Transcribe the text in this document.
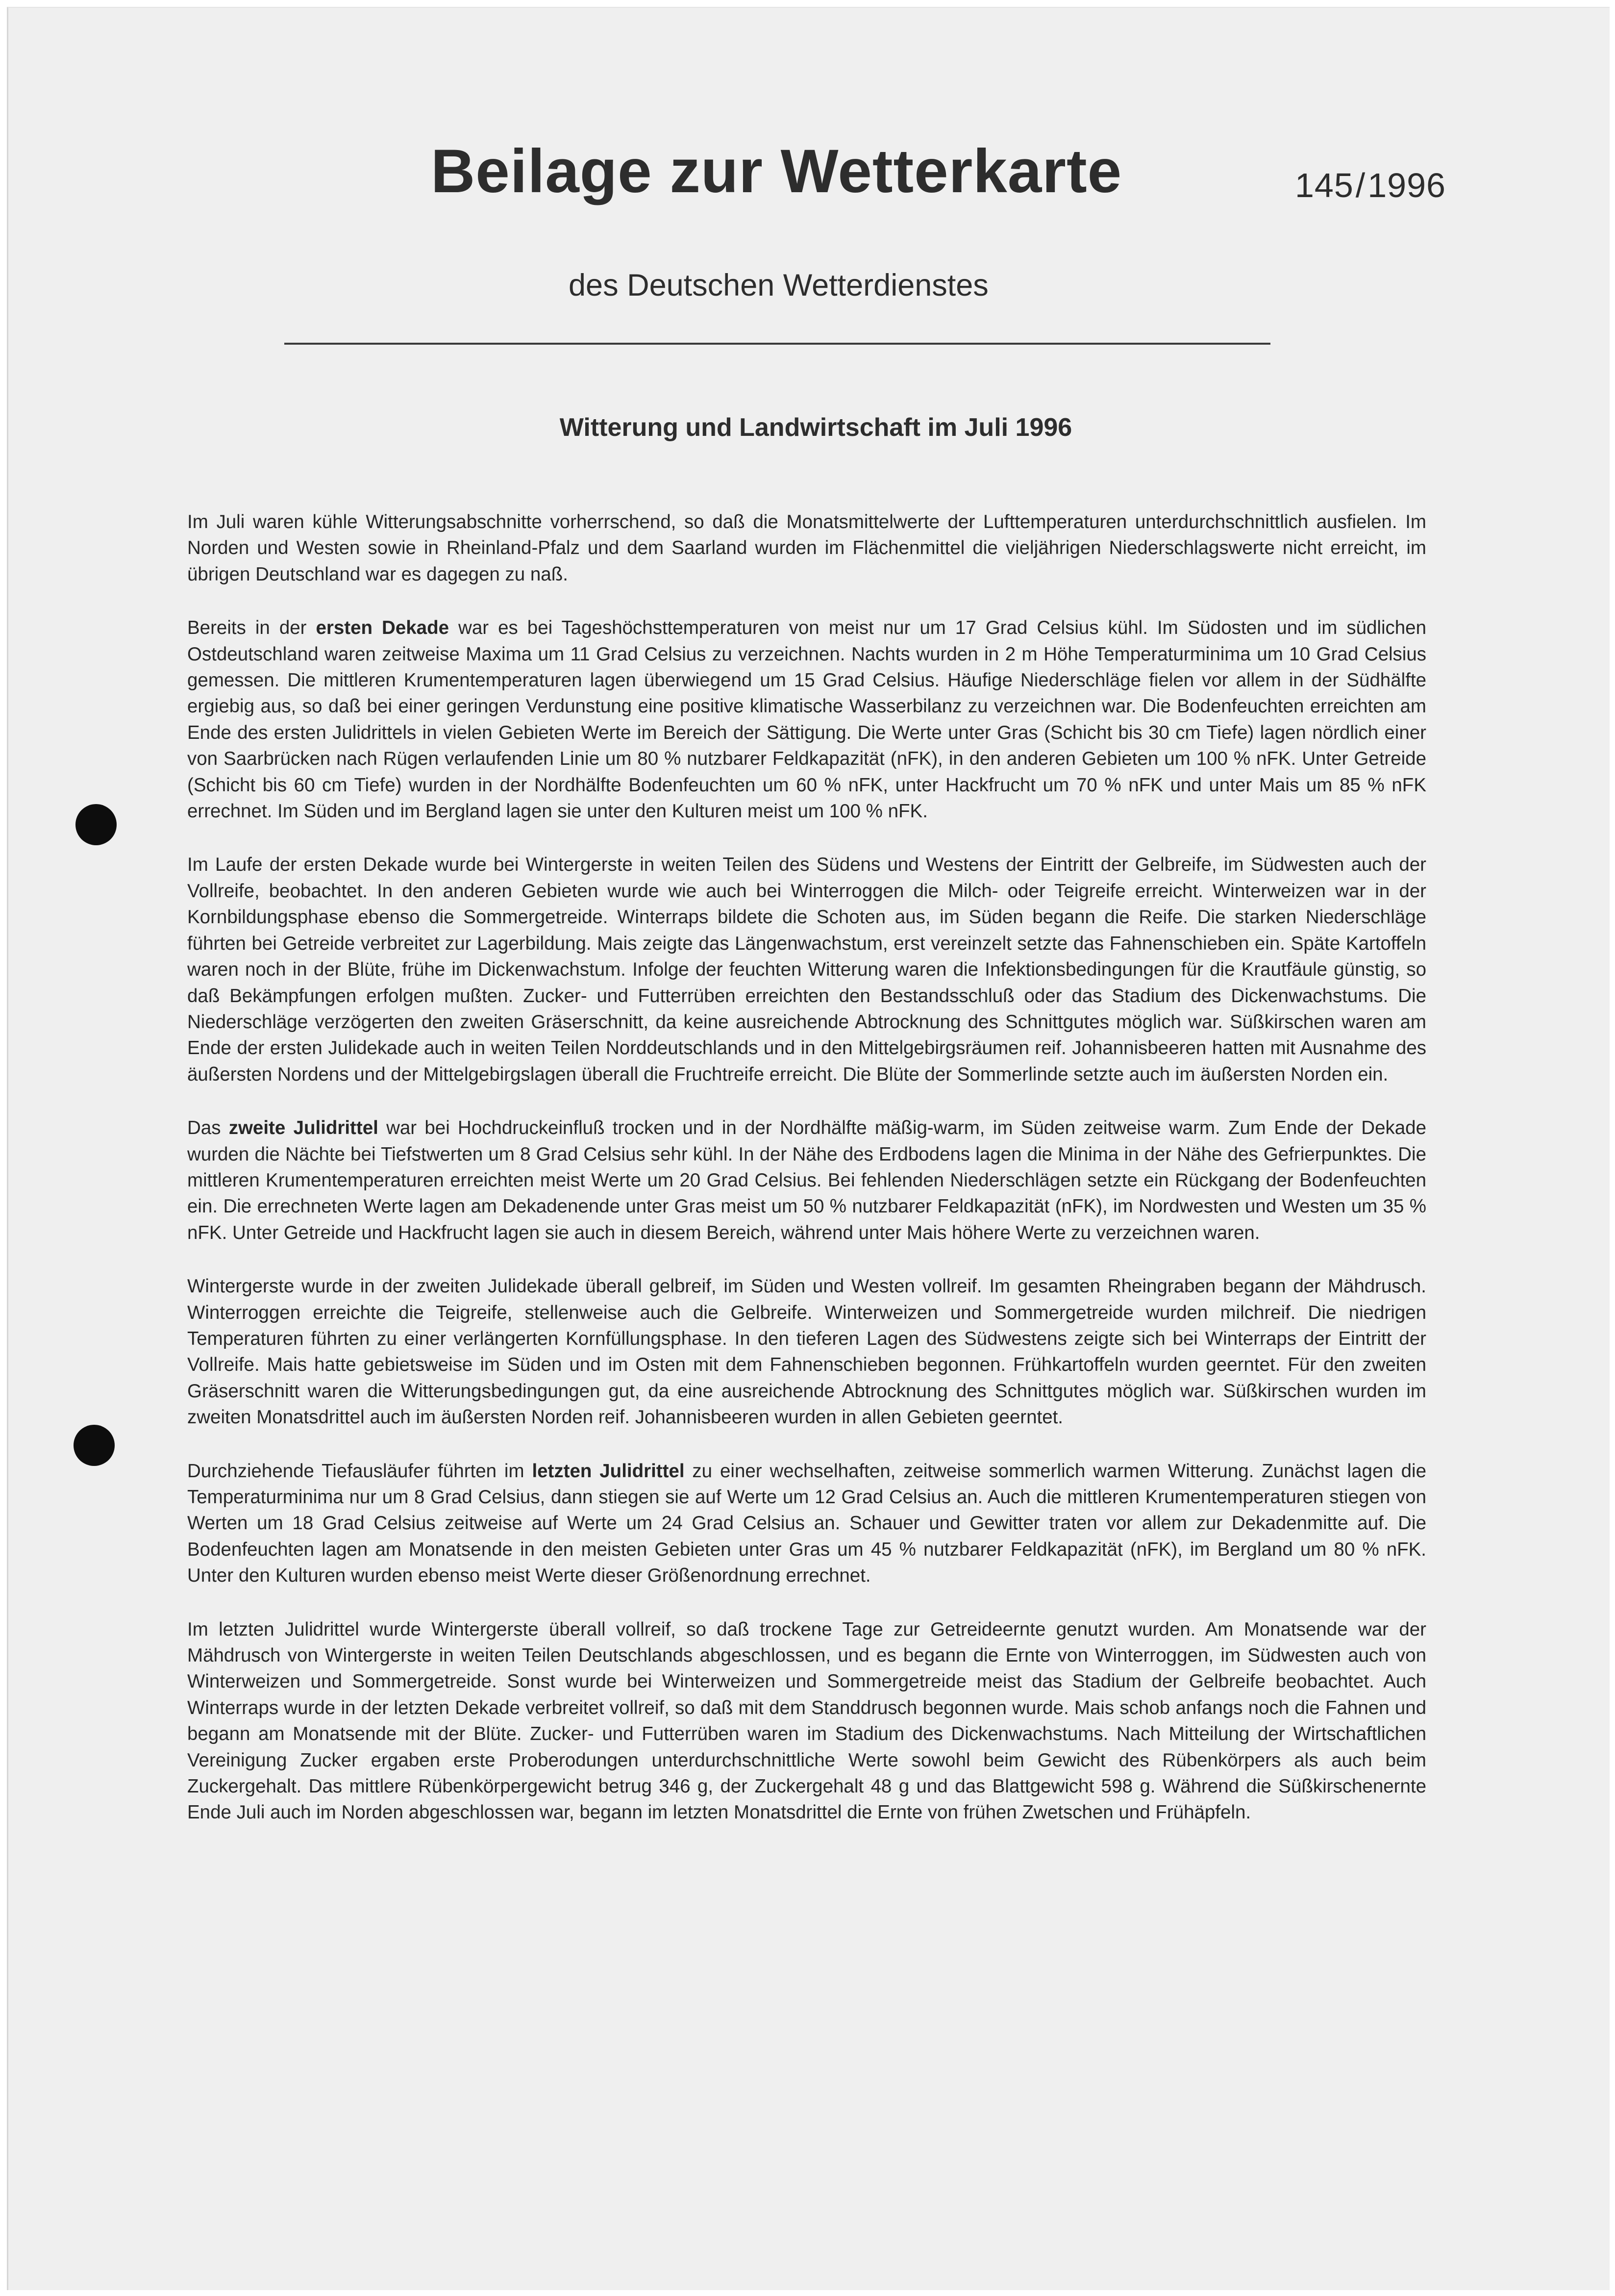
Beilage zur Wetterkarte	145/1996
des Deutschen Wetterdienstes
Witterung und Landwirtschaft im Juli 1996

Im Juli waren kühle Witterungsabschnitte vorherrschend, so daß die Monatsmittelwerte der Lufttemperaturen unterdurchschnittlich ausfielen. Im Norden und Westen sowie in Rheinland-Pfalz und dem Saarland wurden im Flächenmittel die vieljährigen Niederschlagswerte nicht erreicht, im übrigen Deutschland war es dagegen zu naß.

Bereits in der ersten Dekade war es bei Tageshöchsttemperaturen von meist nur um 17 Grad Celsius kühl. Im Südosten und im südlichen Ostdeutschland waren zeitweise Maxima um 11 Grad Celsius zu verzeichnen. Nachts wurden in 2 m Höhe Temperaturminima um 10 Grad Celsius gemessen. Die mittleren Krumentemperaturen lagen überwiegend um 15 Grad Celsius. Häufige Niederschläge fielen vor allem in der Südhälfte ergiebig aus, so daß bei einer geringen Verdunstung eine positive klimatische Wasserbilanz zu verzeichnen war. Die Bodenfeuchten erreichten am Ende des ersten Julidrittels in vielen Gebieten Werte im Bereich der Sättigung. Die Werte unter Gras (Schicht bis 30 cm Tiefe) lagen nördlich einer von Saarbrücken nach Rügen verlaufenden Linie um 80 % nutzbarer Feldkapazität (nFK), in den anderen Gebieten um 100 % nFK. Unter Getreide (Schicht bis 60 cm Tiefe) wurden in der Nordhälfte Bodenfeuchten um 60 % nFK, unter Hackfrucht um 70 % nFK und unter Mais um 85 % nFK errechnet. Im Süden und im Bergland lagen sie unter den Kulturen meist um 100 % nFK.

Im Laufe der ersten Dekade wurde bei Wintergerste in weiten Teilen des Südens und Westens der Eintritt der Gelbreife, im Südwesten auch der Vollreife, beobachtet. In den anderen Gebieten wurde wie auch bei Winterroggen die Milch- oder Teigreife erreicht. Winterweizen war in der Kornbildungsphase ebenso die Sommergetreide. Winterraps bildete die Schoten aus, im Süden begann die Reife. Die starken Niederschläge führten bei Getreide verbreitet zur Lagerbildung. Mais zeigte das Längenwachstum, erst vereinzelt setzte das Fahnenschieben ein. Späte Kartoffeln waren noch in der Blüte, frühe im Dickenwachstum. Infolge der feuchten Witterung waren die Infektionsbedingungen für die Krautfäule günstig, so daß Bekämpfungen erfolgen mußten. Zucker- und Futterrüben erreichten den Bestandsschluß oder das Stadium des Dickenwachstums. Die Niederschläge verzögerten den zweiten Gräserschnitt, da keine ausreichende Abtrocknung des Schnittgutes möglich war. Süßkirschen waren am Ende der ersten Julidekade auch in weiten Teilen Norddeutschlands und in den Mittelgebirgsräumen reif. Johannisbeeren hatten mit Ausnahme des äußersten Nordens und der Mittelgebirgslagen überall die Fruchtreife erreicht. Die Blüte der Sommerlinde setzte auch im äußersten Norden ein.

Das zweite Julidrittel war bei Hochdruckeinfluß trocken und in der Nordhälfte mäßig-warm, im Süden zeitweise warm. Zum Ende der Dekade wurden die Nächte bei Tiefstwerten um 8 Grad Celsius sehr kühl. In der Nähe des Erdbodens lagen die Minima in der Nähe des Gefrierpunktes. Die mittleren Krumentemperaturen erreichten meist Werte um 20 Grad Celsius. Bei fehlenden Niederschlägen setzte ein Rückgang der Bodenfeuchten ein. Die errechneten Werte lagen am Dekadenende unter Gras meist um 50 % nutzbarer Feldkapazität (nFK), im Nordwesten und Westen um 35 % nFK. Unter Getreide und Hackfrucht lagen sie auch in diesem Bereich, während unter Mais höhere Werte zu verzeichnen waren.

Wintergerste wurde in der zweiten Julidekade überall gelbreif, im Süden und Westen vollreif. Im gesamten Rheingraben begann der Mähdrusch. Winterroggen erreichte die Teigreife, stellenweise auch die Gelbreife. Winterweizen und Sommergetreide wurden milchreif. Die niedrigen Temperaturen führten zu einer verlängerten Kornfüllungsphase. In den tieferen Lagen des Südwestens zeigte sich bei Winterraps der Eintritt der Vollreife. Mais hatte gebietsweise im Süden und im Osten mit dem Fahnenschieben begonnen. Frühkartoffeln wurden geerntet. Für den zweiten Gräserschnitt waren die Witterungsbedingungen gut, da eine ausreichende Abtrocknung des Schnittgutes möglich war. Süßkirschen wurden im zweiten Monatsdrittel auch im äußersten Norden reif. Johannisbeeren wurden in allen Gebieten geerntet.

Durchziehende Tiefausläufer führten im letzten Julidrittel zu einer wechselhaften, zeitweise sommerlich warmen Witterung. Zunächst lagen die Temperaturminima nur um 8 Grad Celsius, dann stiegen sie auf Werte um 12 Grad Celsius an. Auch die mittleren Krumentemperaturen stiegen von Werten um 18 Grad Celsius zeitweise auf Werte um 24 Grad Celsius an. Schauer und Gewitter traten vor allem zur Dekadenmitte auf. Die Bodenfeuchten lagen am Monatsende in den meisten Gebieten unter Gras um 45 % nutzbarer Feldkapazität (nFK), im Bergland um 80 % nFK. Unter den Kulturen wurden ebenso meist Werte dieser Größenordnung errechnet.

Im letzten Julidrittel wurde Wintergerste überall vollreif, so daß trockene Tage zur Getreideernte genutzt wurden. Am Monatsende war der Mähdrusch von Wintergerste in weiten Teilen Deutschlands abgeschlossen, und es begann die Ernte von Winterroggen, im Südwesten auch von Winterweizen und Sommergetreide. Sonst wurde bei Winterweizen und Sommergetreide meist das Stadium der Gelbreife beobachtet. Auch Winterraps wurde in der letzten Dekade verbreitet vollreif, so daß mit dem Standdrusch begonnen wurde. Mais schob anfangs noch die Fahnen und begann am Monatsende mit der Blüte. Zucker- und Futterrüben waren im Stadium des Dickenwachstums. Nach Mitteilung der Wirtschaftlichen Vereinigung Zucker ergaben erste Proberodungen unterdurchschnittliche Werte sowohl beim Gewicht des Rübenkörpers als auch beim Zuckergehalt. Das mittlere Rübenkörpergewicht betrug 346 g, der Zuckergehalt 48 g und das Blattgewicht 598 g. Während die Süßkirschenernte Ende Juli auch im Norden abgeschlossen war, begann im letzten Monatsdrittel die Ernte von frühen Zwetschen und Frühäpfeln.
